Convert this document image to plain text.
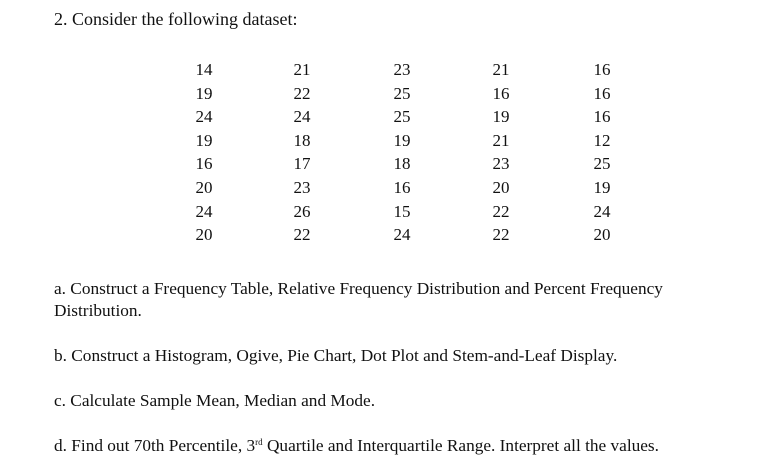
2. Consider the following dataset:
14
19
24
19
16
20
24
20
21
22
24
18
17
23
26
22
23
25
25
19
18
16
15
24
21
16
19
21
23
20
22
22
16
16
16
12
25
19
24
20
a. Construct a Frequency Table, Relative Frequency Distribution and Percent Frequency
Distribution.
b. Construct a Histogram, Ogive, Pie Chart, Dot Plot and Stem-and-Leaf Display.
c. Calculate Sample Mean, Median and Mode.
d. Find out 70th Percentile, 3rd Quartile and Interquartile Range. Interpret all the values.
